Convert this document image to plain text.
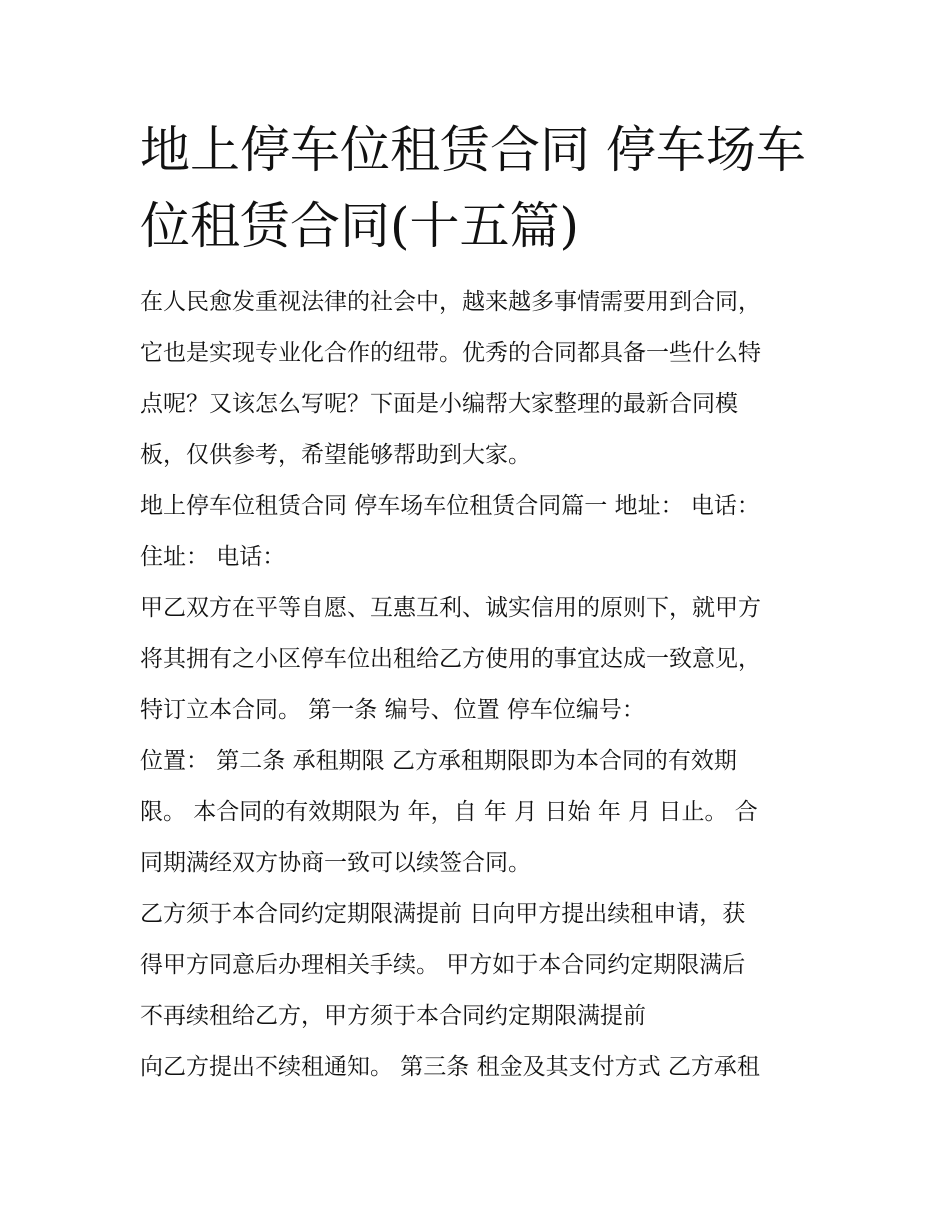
地上停车位租赁合同 停车场车
位租赁合同(十五篇)
在人民愈发重视法律的社会中，越来越多事情需要用到合同，
它也是实现专业化合作的纽带。优秀的合同都具备一些什么特
点呢？又该怎么写呢？下面是小编帮大家整理的最新合同模
板，仅供参考，希望能够帮助到大家。
地上停车位租赁合同 停车场车位租赁合同篇一 地址： 电话：
住址： 电话：
甲乙双方在平等自愿、互惠互利、诚实信用的原则下，就甲方
将其拥有之小区停车位出租给乙方使用的事宜达成一致意见，
特订立本合同。 第一条 编号、位置 停车位编号：
位置： 第二条 承租期限 乙方承租期限即为本合同的有效期
限。 本合同的有效期限为 年，自 年 月 日始 年 月 日止。 合
同期满经双方协商一致可以续签合同。
乙方须于本合同约定期限满提前 日向甲方提出续租申请，获
得甲方同意后办理相关手续。 甲方如于本合同约定期限满后
不再续租给乙方，甲方须于本合同约定期限满提前
向乙方提出不续租通知。 第三条 租金及其支付方式 乙方承租
